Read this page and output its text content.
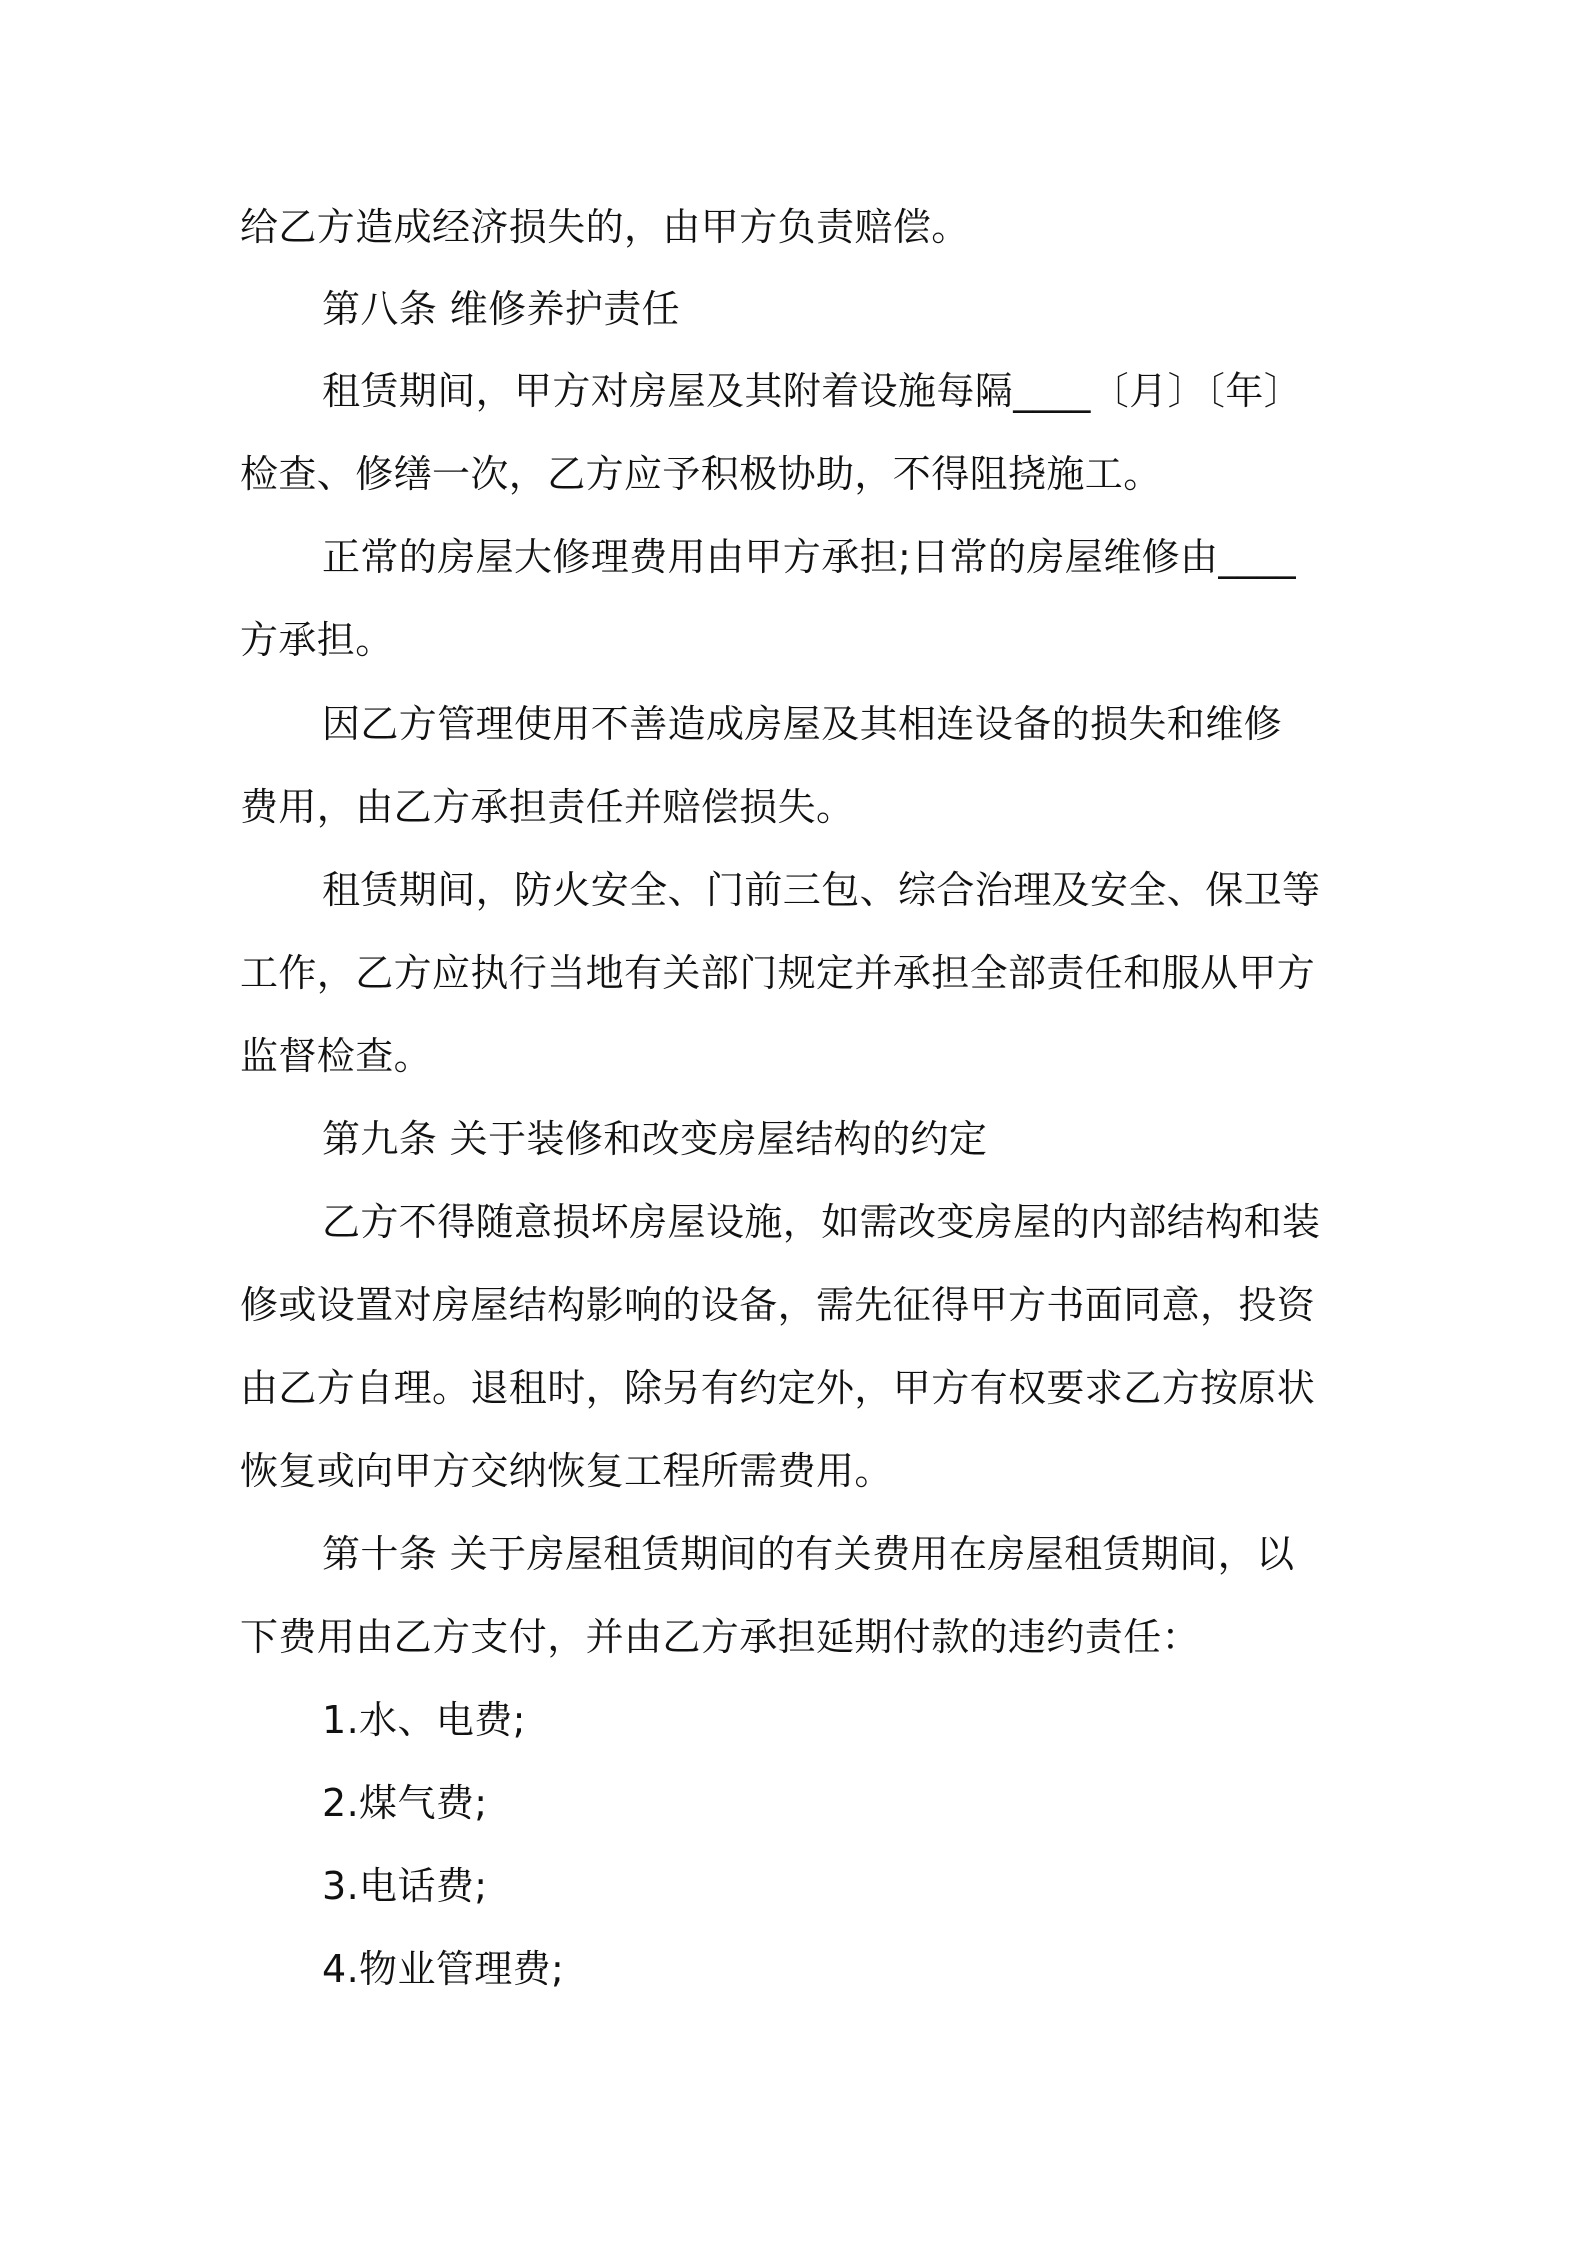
给乙方造成经济损失的，由甲方负责赔偿。
第八条 维修养护责任
租赁期间，甲方对房屋及其附着设施每隔____〔月〕〔年〕
检查、修缮一次，乙方应予积极协助，不得阻挠施工。
正常的房屋大修理费用由甲方承担;日常的房屋维修由____
方承担。
因乙方管理使用不善造成房屋及其相连设备的损失和维修
费用，由乙方承担责任并赔偿损失。
租赁期间，防火安全、门前三包、综合治理及安全、保卫等
工作，乙方应执行当地有关部门规定并承担全部责任和服从甲方
监督检查。
第九条 关于装修和改变房屋结构的约定
乙方不得随意损坏房屋设施，如需改变房屋的内部结构和装
修或设置对房屋结构影响的设备，需先征得甲方书面同意，投资
由乙方自理。退租时，除另有约定外，甲方有权要求乙方按原状
恢复或向甲方交纳恢复工程所需费用。
第十条 关于房屋租赁期间的有关费用在房屋租赁期间，以
下费用由乙方支付，并由乙方承担延期付款的违约责任：
1.水、电费;
2.煤气费;
3.电话费;
4.物业管理费;
